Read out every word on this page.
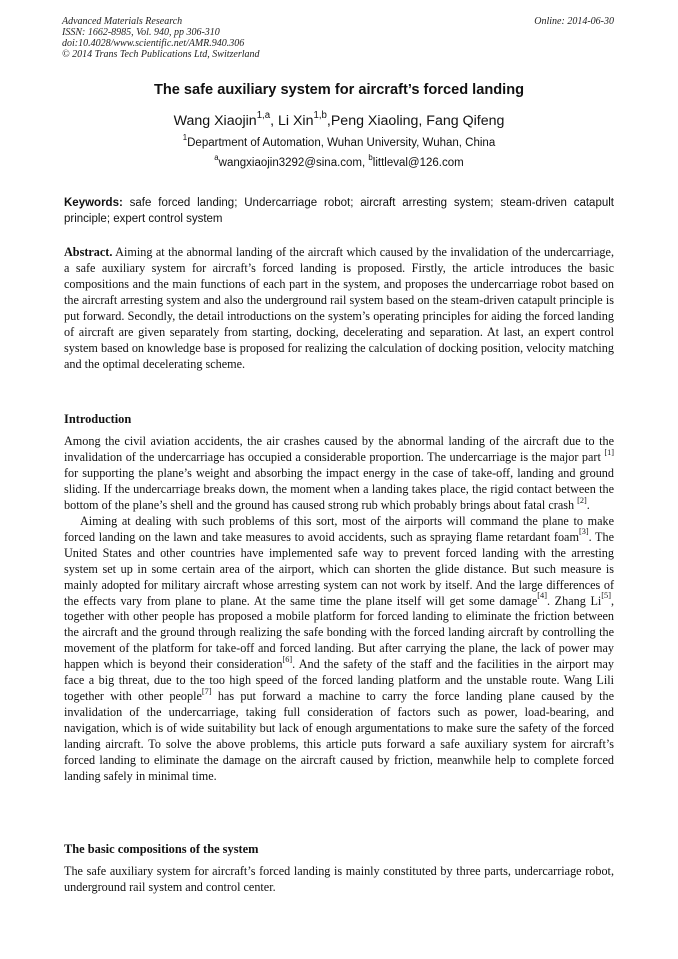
Advanced Materials Research
ISSN: 1662-8985, Vol. 940, pp 306-310
doi:10.4028/www.scientific.net/AMR.940.306
© 2014 Trans Tech Publications Ltd, Switzerland
Online: 2014-06-30
The safe auxiliary system for aircraft’s forced landing
Wang Xiaojin$^{1,a}$, Li Xin$^{1,b}$,Peng Xiaoling, Fang Qifeng
$^1$Department of Automation, Wuhan University, Wuhan, China
$^a$wangxiaojin3292@sina.com, $^b$littleval@126.com
Keywords: safe forced landing; Undercarriage robot; aircraft arresting system; steam-driven catapult principle; expert control system
Abstract. Aiming at the abnormal landing of the aircraft which caused by the invalidation of the undercarriage, a safe auxiliary system for aircraft’s forced landing is proposed. Firstly, the article introduces the basic compositions and the main functions of each part in the system, and proposes the undercarriage robot based on the aircraft arresting system and also the underground rail system based on the steam-driven catapult principle is put forward. Secondly, the detail introductions on the system’s operating principles for aiding the forced landing of aircraft are given separately from starting, docking, decelerating and separation. At last, an expert control system based on knowledge base is proposed for realizing the calculation of docking position, velocity matching and the optimal decelerating scheme.
Introduction

Among the civil aviation accidents, the air crashes caused by the abnormal landing of the aircraft due to the invalidation of the undercarriage has occupied a considerable proportion. The undercarriage is the major part [1] for supporting the plane’s weight and absorbing the impact energy in the case of take-off, landing and ground sliding. If the undercarriage breaks down, the moment when a landing takes place, the rigid contact between the bottom of the plane’s shell and the ground has caused strong rub which probably brings about fatal crash [2].

Aiming at dealing with such problems of this sort, most of the airports will command the plane to make forced landing on the lawn and take measures to avoid accidents, such as spraying flame retardant foam[3]. The United States and other countries have implemented safe way to prevent forced landing with the arresting system set up in some certain area of the airport, which can shorten the glide distance. But such measure is mainly adopted for military aircraft whose arresting system can not work by itself. And the large differences of the effects vary from plane to plane. At the same time the plane itself will get some damage[4]. Zhang Li[5], together with other people has proposed a mobile platform for forced landing to eliminate the friction between the aircraft and the ground through realizing the safe bonding with the forced landing aircraft by controlling the movement of the platform for take-off and forced landing. But after carrying the plane, the lack of power may happen which is beyond their consideration[6]. And the safety of the staff and the facilities in the airport may face a big threat, due to the too high speed of the forced landing platform and the unstable route. Wang Lili together with other people[7] has put forward a machine to carry the force landing plane caused by the invalidation of the undercarriage, taking full consideration of factors such as power, load-bearing, and navigation, which is of wide suitability but lack of enough argumentations to make sure the safety of the forced landing aircraft. To solve the above problems, this article puts forward a safe auxiliary system for aircraft’s forced landing to eliminate the damage on the aircraft caused by friction, meanwhile help to complete forced landing safely in minimal time.

The basic compositions of the system

The safe auxiliary system for aircraft’s forced landing is mainly constituted by three parts, undercarriage robot, underground rail system and control center.
